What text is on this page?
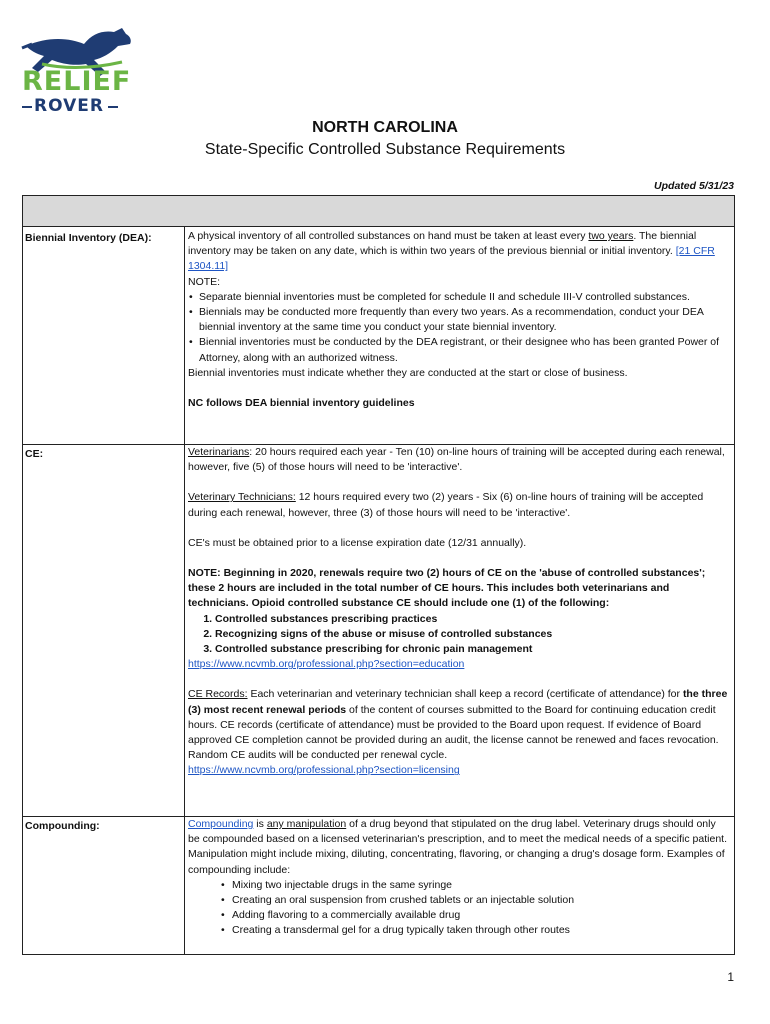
RELIEF
ROVER
NORTH CAROLINA
State-Specific Controlled Substance Requirements
Updated 5/31/23
Biennial Inventory (DEA):	A physical inventory of all controlled substances on hand must be taken at least every two years. The biennial inventory may be taken on any date, which is within two years of the previous biennial or initial inventory. [21 CFR 1304.11]

NOTE:

• Separate biennial inventories must be completed for schedule II and schedule III-V controlled substances.
• Biennials may be conducted more frequently than every two years. As a recommendation, conduct your DEA biennial inventory at the same time you conduct your state biennial inventory.
• Biennial inventories must be conducted by the DEA registrant, or their designee who has been granted Power of Attorney, along with an authorized witness.

Biennial inventories must indicate whether they are conducted at the start or close of business.

NC follows DEA biennial inventory guidelines

CE:	Veterinarians: 20 hours required each year - Ten (10) on-line hours of training will be accepted during each renewal, however, five (5) of those hours will need to be 'interactive'.

Veterinary Technicians: 12 hours required every two (2) years - Six (6) on-line hours of training will be accepted during each renewal, however, three (3) of those hours will need to be 'interactive'.

CE's must be obtained prior to a license expiration date (12/31 annually).

NOTE: Beginning in 2020, renewals require two (2) hours of CE on the 'abuse of controlled substances'; these 2 hours are included in the total number of CE hours. This includes both veterinarians and technicians. Opioid controlled substance CE should include one (1) of the following:

1. Controlled substances prescribing practices
2. Recognizing signs of the abuse or misuse of controlled substances
3. Controlled substance prescribing for chronic pain management

https://www.ncvmb.org/professional.php?section=education

CE Records: Each veterinarian and veterinary technician shall keep a record (certificate of attendance) for the three (3) most recent renewal periods of the content of courses submitted to the Board for continuing education credit hours. CE records (certificate of attendance) must be provided to the Board upon request. If evidence of Board approved CE completion cannot be provided during an audit, the license cannot be renewed and faces revocation. Random CE audits will be conducted per renewal cycle.

https://www.ncvmb.org/professional.php?section=licensing

Compounding:	Compounding is any manipulation of a drug beyond that stipulated on the drug label. Veterinary drugs should only be compounded based on a licensed veterinarian's prescription, and to meet the medical needs of a specific patient. Manipulation might include mixing, diluting, concentrating, flavoring, or changing a drug's dosage form. Examples of compounding include:

• Mixing two injectable drugs in the same syringe
• Creating an oral suspension from crushed tablets or an injectable solution
• Adding flavoring to a commercially available drug
• Creating a transdermal gel for a drug typically taken through other routes
1
